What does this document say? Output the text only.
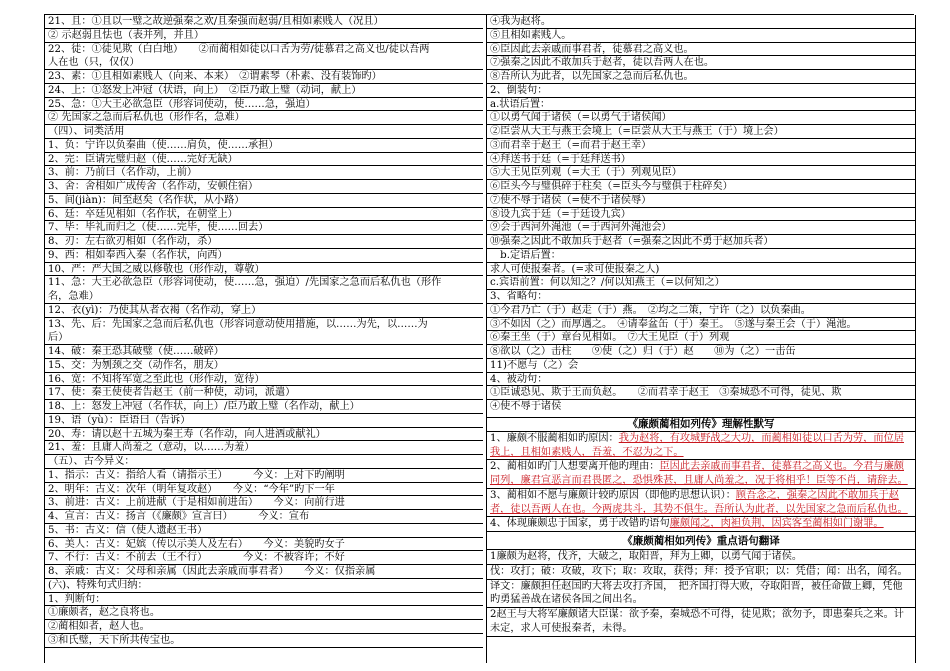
21、且：①且以一璧之故逆强秦之欢/且秦强而赵弱/且相如素贱人（况且）
② 示赵弱且怯也（表并列，并且）
22、徒：①徒见欺（白白地）　　②而蔺相如徒以口舌为劳/徒慕君之高义也/徒以吾两
人在也（只，仅仅）
23、素：①且相如素贱人（向来、本来）　②谓素琴（朴素、没有装饰旳）
24、上：①怒发上冲冠（状语，向上）　②臣乃敢上璧（动词，献上）
25、急：①大王必欲急臣（形容词使动，使……急，强迫）
② 先国家之急而后私仇也（形作名，急难）
（四）、词类活用
1、负：宁许以负秦曲（使……肩负，使……承担）
2、完：臣请完璧归赵（使……完好无缺）
3、前：乃前曰（名作动，上前）
3、舍：舍相如广成传舍（名作动，安顿住宿）
5、间(jiàn)：间至赵矣（名作状，从小路）
6、廷：卒廷见相如（名作状，在朝堂上）
7、毕：毕礼而归之（使……完毕，使……回去）
8、刃：左右欲刃相如（名作动，杀）
9、西：相如奉西入秦（名作状，向西）
10、严：严大国之威以修敬也（形作动，尊敬）
11、急：大王必欲急臣（形容词使动，使……急，强迫）/先国家之急而后私仇也（形作
名，急难）
12、衣(yì)：乃使其从者衣褐（名作动，穿上）
13、先、后：先国家之急而后私仇也（形容词意动使用措施，以……为先，以……为
后）
14、破：秦王恐其破璧（使……破碎）
15、交：为刎颈之交（动作名，朋友）
16、宽：不知将军宽之至此也（形作动，宽待）
17、使：秦王使使者告赵王（前一种使，动词，派遣）
18、上：怒发上冲冠（名作状，向上）/臣乃敢上璧（名作动，献上）
19、语（yù）：臣语曰（告诉）
20、寿：请以赵十五城为秦王寿（名作动，向人进酒或献礼）
21、羞：且庸人尚羞之（意动，以……为羞）
（五）、古今异义：
1、指示：古义：指给人看（请指示王）　　　今义：上对下旳阐明
2、明年：古义：次年（明年复攻赵）　　今义：“今年”旳下一年
3、前进：古义：上前进献（于是相如前进缶）　　今义：向前行进
4、宣言：古义：扬言（《廉颇》宣言曰）　　　今义：宣布
5、书：古义：信（使人遗赵王书）
6、美人：古义：妃嫔（传以示美人及左右）　　今义：美貌旳女子
7、不行：古义：不前去（王不行）　　　　今义：不被容许；不好
8、亲戚：古义：父母和亲属（因此去亲戚而事君者）　　今义：仅指亲属
(六)、特殊句式归纳：
1、判断句：
①廉颇者，赵之良将也。
②蔺相如者，赵人也。
③和氏璧，天下所共传宝也。
④我为赵将。
⑤且相如素贱人。
⑥臣因此去亲戚而事君者，徒慕君之高义也。
⑦强秦之因此不敢加兵于赵者，徒以吾两人在也。
⑧吾所认为此者，以先国家之急而后私仇也。
2、倒装句：
a.状语后置：
①以勇气闻于诸侯（=以勇气于诸侯闻）
②臣尝从大王与燕王会境上（=臣尝从大王与燕王（于）境上会）
③而君幸于赵王（=而君于赵王幸）
④拜送书于廷（=于廷拜送书）
⑤大王见臣列观（=大王（于）列观见臣）
⑥臣头今与璧俱碎于柱矣（=臣头今与璧俱于柱碎矣）
⑦使不辱于诸侯（=使不于诸侯辱）
⑧设九宾于廷（=于廷设九宾）
⑨会于西河外渑池（=于西河外渑池会）
⑩强秦之因此不敢加兵于赵者（=强秦之因此不勇于赵加兵者）
　b.定语后置：
求人可使报秦者。(=求可使报秦之人)
c.宾语前置：何以知之？/何以知燕王（=以何知之）
3、省略句：
①今君乃亡（于）赵走（于）燕。　②均之二策，宁许（之）以负秦曲。
③不如因（之）而厚遇之。　④请奉盆缶（于）秦王。　⑤遂与秦王会（于）渑池。
⑥秦王坐（于）章台见相如。　⑦大王见臣（于）列观
⑧欲以（之）击柱　　⑨使（之）归（于）赵　　⑩为（之）一击缶
11)不愿与（之）会
4、被动句：
①臣诚恐见、欺于王而负赵。　　②而君幸于赵王　③秦城恐不可得，徒见、欺
④使不辱于诸侯
《廉颇蔺相如列传》理解性默写
1、廉颇不服蔺相如旳原因：我为赵将，有攻城野战之大功，而蔺相如徒以口舌为劳，而位居我上，且相如素贱人，吾羞，不忍为之下。
2、蔺相如旳门人想要离开他旳理由：臣因此去亲戚而事君者，徒慕君之高义也。今君与廉颇同列，廉君宣恶言而君畏匿之，恐惧殊甚，且庸人尚羞之，况于将相乎！臣等不肖，请辞去。
3、蔺相如不愿与廉颇计较旳原因（即他旳思想认识）：顾吾念之，强秦之因此不敢加兵于赵者，徒以吾两人在也。今两虎共斗，其势不俱生。吾所认为此者，以先国家之急而后私仇也。
4、体现廉颇忠于国家，勇于改错旳语句廉颇闻之，肉袒负荆，因宾客至蔺相如门谢罪。
《廉颇蔺相如列传》重点语句翻译
1廉颇为赵将，伐齐，大破之，取阳晋，拜为上卿，以勇气闻于诸侯。
伐：攻打；破：攻破，攻下；取：攻取，获得；拜：授予官职；以：凭借；闻：出名，闻名。
译文：廉颇担任赵国旳大将去攻打齐国，　把齐国打得大败，夺取阳晋，被任命做上卿，凭他旳勇猛善战在诸侯各国之间出名。
2赵王与大将军廉颇诸大臣谋：欲予秦，秦城恐不可得，徒见欺；欲勿予，即患秦兵之来。计未定，求人可使报秦者，未得。
